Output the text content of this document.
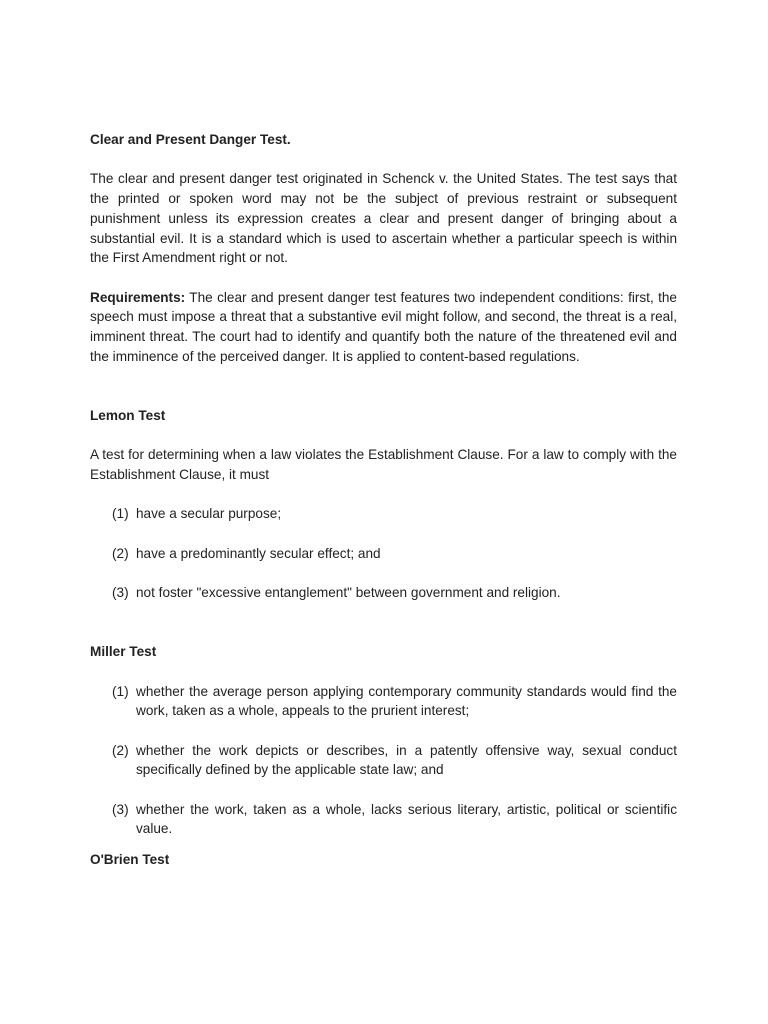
Clear and Present Danger Test.

The clear and present danger test originated in Schenck v. the United States. The test says that the printed or spoken word may not be the subject of previous restraint or subsequent punishment unless its expression creates a clear and present danger of bringing about a substantial evil. It is a standard which is used to ascertain whether a particular speech is within the First Amendment right or not.

Requirements: The clear and present danger test features two independent conditions: first, the speech must impose a threat that a substantive evil might follow, and second, the threat is a real, imminent threat. The court had to identify and quantify both the nature of the threatened evil and the imminence of the perceived danger. It is applied to content-based regulations.

Lemon Test

A test for determining when a law violates the Establishment Clause. For a law to comply with the Establishment Clause, it must

(1) have a secular purpose;
(2) have a predominantly secular effect; and
(3) not foster "excessive entanglement" between government and religion.
Miller Test
(1) whether the average person applying contemporary community standards would find the work, taken as a whole, appeals to the prurient interest;
(2) whether the work depicts or describes, in a patently offensive way, sexual conduct specifically defined by the applicable state law; and
(3) whether the work, taken as a whole, lacks serious literary, artistic, political or scientific value.
O'Brien Test
